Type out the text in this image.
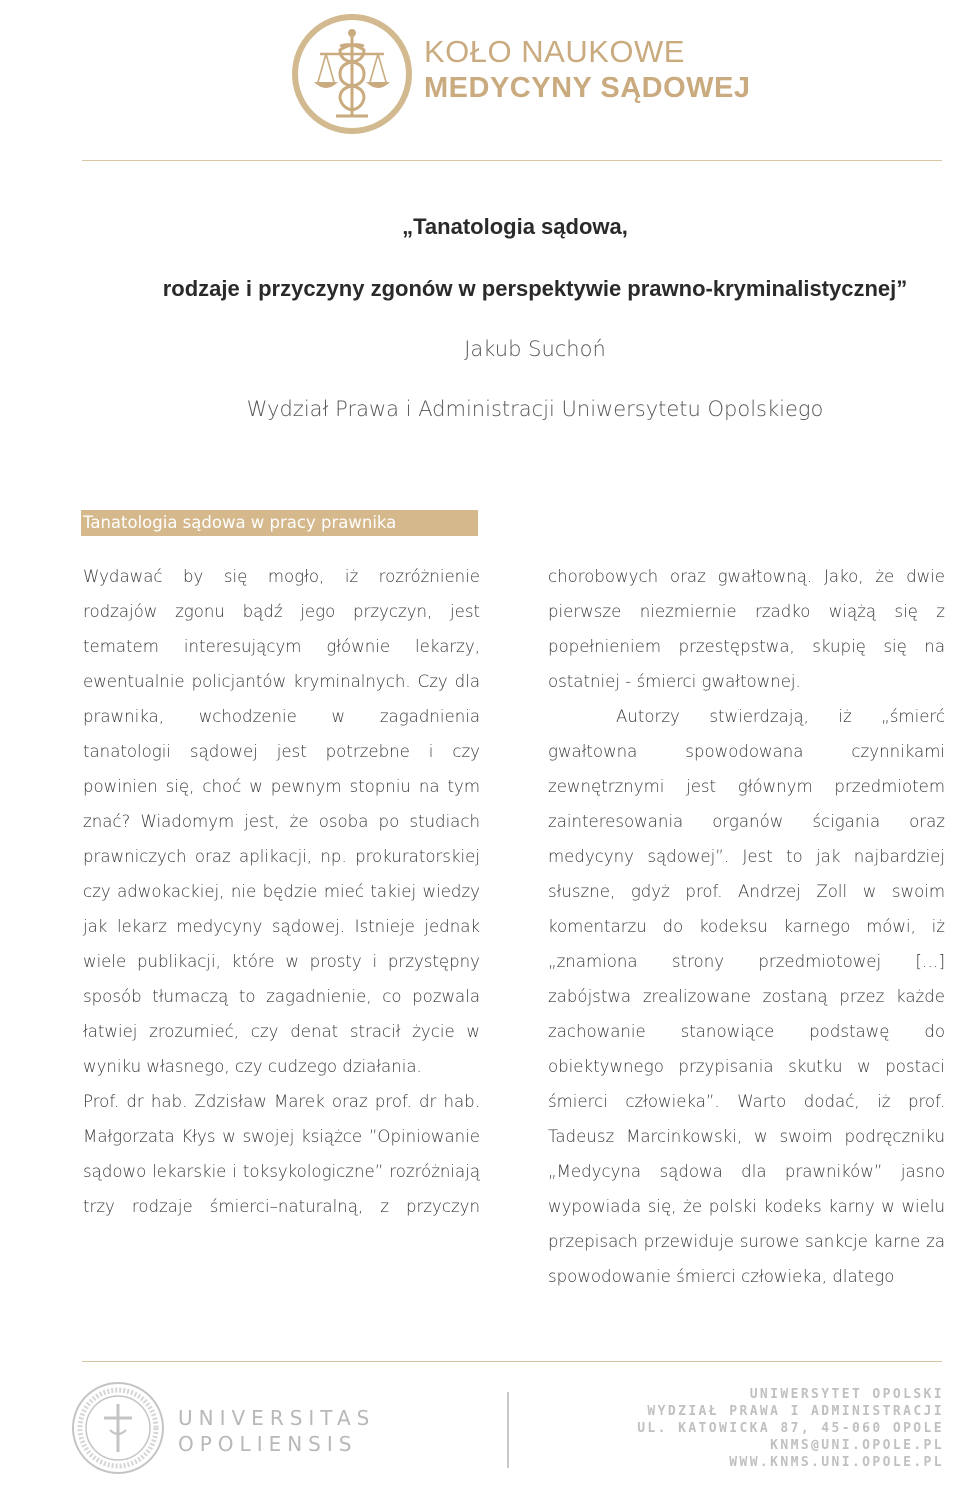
KOŁO NAUKOWE
MEDYCYNY SĄDOWEJ
„Tanatologia sądowa,
rodzaje i przyczyny zgonów w perspektywie prawno-kryminalistycznej”
Jakub Suchoń
Wydział Prawa i Administracji Uniwersytetu Opolskiego
Tanatologia sądowa w pracy prawnika

Wydawać by się mogło, iż rozróżnienie rodzajów zgonu bądź jego przyczyn, jest tematem interesującym głównie lekarzy, ewentualnie policjantów kryminalnych. Czy dla prawnika, wchodzenie w zagadnienia tanatologii sądowej jest potrzebne i czy powinien się, choć w pewnym stopniu na tym znać? Wiadomym jest, że osoba po studiach prawniczych oraz aplikacji, np. prokuratorskiej czy adwokackiej, nie będzie mieć takiej wiedzy jak lekarz medycyny sądowej. Istnieje jednak wiele publikacji, które w prosty i przystępny sposób tłumaczą to zagadnienie, co pozwala łatwiej zrozumieć, czy denat stracił życie w wyniku własnego, czy cudzego działania.

Prof. dr hab. Zdzisław Marek oraz prof. dr hab. Małgorzata Kłys w swojej książce ”Opiniowanie sądowo lekarskie i toksykologiczne” rozróżniają trzy rodzaje śmierci–naturalną, z przyczyn

chorobowych oraz gwałtowną. Jako, że dwie pierwsze niezmiernie rzadko wiążą się z popełnieniem przestępstwa, skupię się na ostatniej - śmierci gwałtownej.

Autorzy stwierdzają, iż „śmierć gwałtowna spowodowana czynnikami zewnętrznymi jest głównym przedmiotem zainteresowania organów ścigania oraz medycyny sądowej”. Jest to jak najbardziej słuszne, gdyż prof. Andrzej Zoll w swoim komentarzu do kodeksu karnego mówi, iż „znamiona strony przedmiotowej […] zabójstwa zrealizowane zostaną przez każde zachowanie stanowiące podstawę do obiektywnego przypisania skutku w postaci śmierci człowieka”. Warto dodać, iż prof. Tadeusz Marcinkowski, w swoim podręczniku „Medycyna sądowa dla prawników” jasno wypowiada się, że polski kodeks karny w wielu przepisach przewiduje surowe sankcje karne za spowodowanie śmierci człowieka, dlatego

UNIVERSITAS
OPOLIENSIS
UNIWERSYTET OPOLSKI
WYDZIAŁ PRAWA I ADMINISTRACJI
UL. KATOWICKA 87, 45-060 OPOLE
KNMS@UNI.OPOLE.PL
WWW.KNMS.UNI.OPOLE.PL
